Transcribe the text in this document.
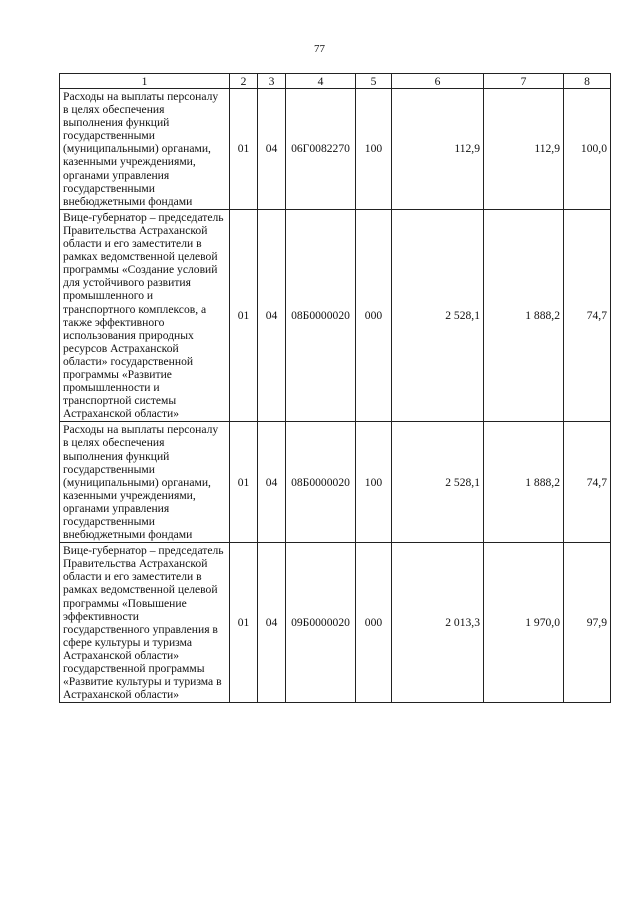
77
1	2	3	4	5	6	7	8
Расходы на выплаты персоналу в целях обеспечения выполнения функций государственными (муниципальными) органами, казенными учреждениями, органами управления государственными внебюджетными фондами	01	04	06Г0082270	100	112,9	112,9	100,0
Вице-губернатор – председатель Правительства Астраханской области и его заместители в рамках ведомственной целевой программы «Создание условий для устойчивого развития промышленного и транспортного комплексов, а также эффективного использования природных ресурсов Астраханской области» государственной программы «Развитие промышленности и транспортной системы Астраханской области»	01	04	08Б0000020	000	2 528,1	1 888,2	74,7
Расходы на выплаты персоналу в целях обеспечения выполнения функций государственными (муниципальными) органами, казенными учреждениями, органами управления государственными внебюджетными фондами	01	04	08Б0000020	100	2 528,1	1 888,2	74,7
Вице-губернатор – председатель Правительства Астраханской области и его заместители в рамках ведомственной целевой программы «Повышение эффективности государственного управления в сфере культуры и туризма Астраханской области» государственной программы «Развитие культуры и туризма в Астраханской области»	01	04	09Б0000020	000	2 013,3	1 970,0	97,9
